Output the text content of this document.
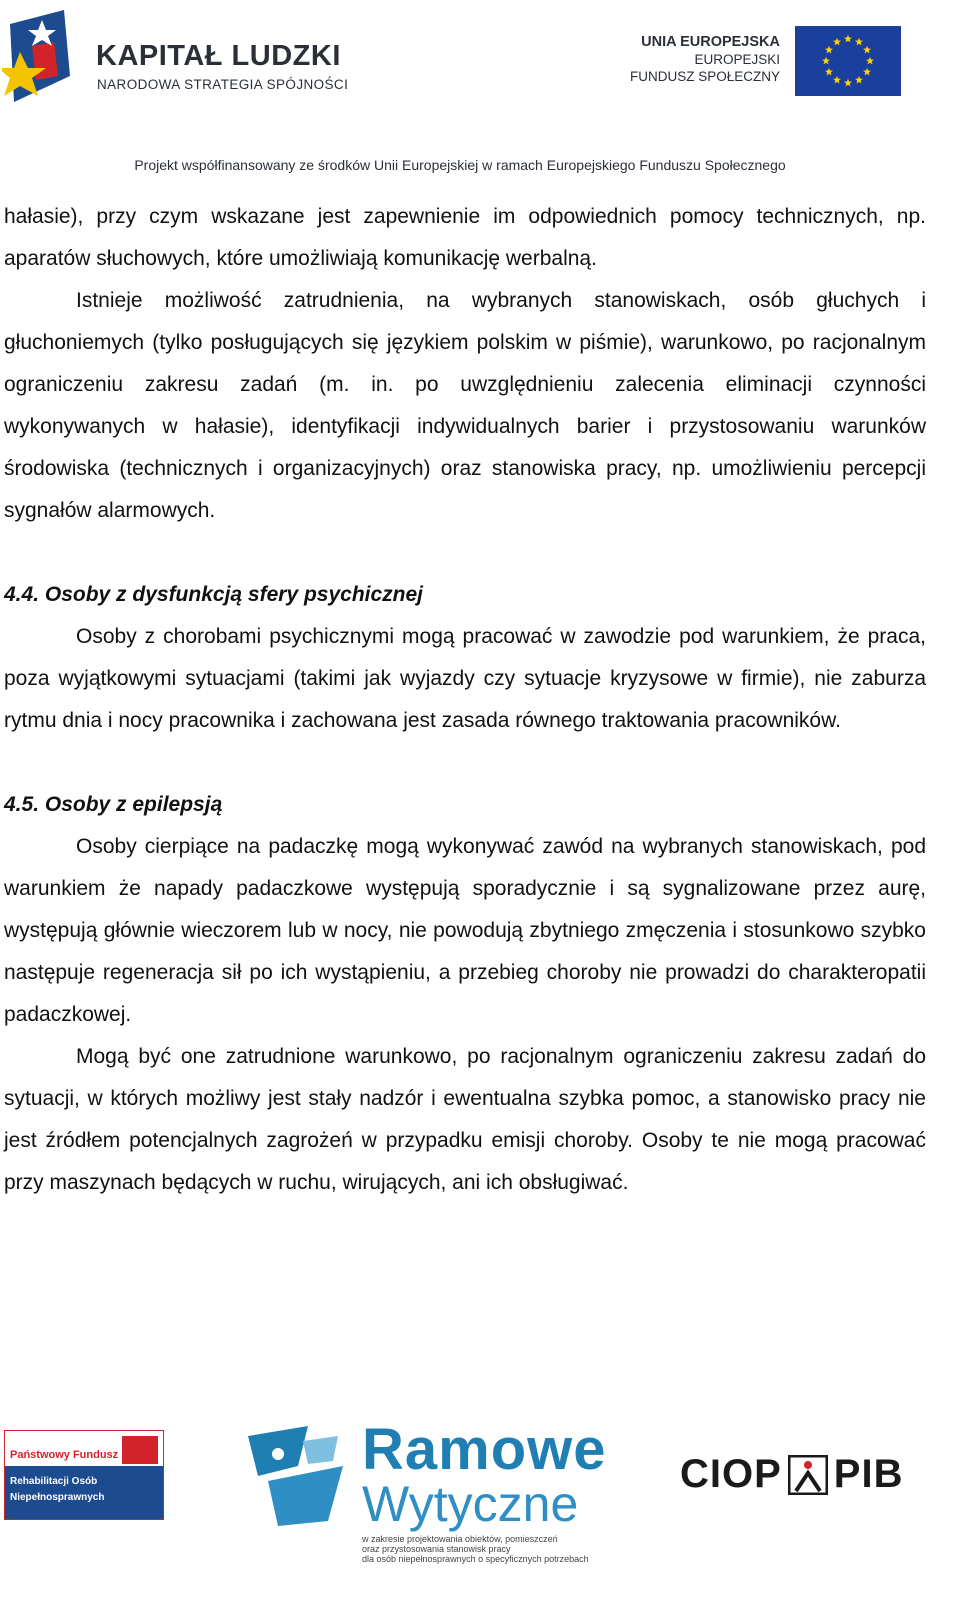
KAPITAŁ LUDZKI
NARODOWA STRATEGIA SPÓJNOŚCI
UNIA EUROPEJSKA
EUROPEJSKI
FUNDUSZ SPOŁECZNY
Projekt współfinansowany ze środków Unii Europejskiej w ramach Europejskiego Funduszu Społecznego

hałasie), przy czym wskazane jest zapewnienie im odpowiednich pomocy technicznych, np. aparatów słuchowych, które umożliwiają komunikację werbalną.

Istnieje możliwość zatrudnienia, na wybranych stanowiskach, osób głuchych i głuchoniemych (tylko posługujących się językiem polskim w piśmie), warunkowo, po racjonalnym ograniczeniu zakresu zadań (m. in. po uwzględnieniu zalecenia eliminacji czynności wykonywanych w hałasie), identyfikacji indywidualnych barier i przystosowaniu warunków środowiska (technicznych i organizacyjnych) oraz stanowiska pracy, np. umożliwieniu percepcji sygnałów alarmowych.

4.4. Osoby z dysfunkcją sfery psychicznej

Osoby z chorobami psychicznymi mogą pracować w zawodzie pod warunkiem, że praca, poza wyjątkowymi sytuacjami (takimi jak wyjazdy czy sytuacje kryzysowe w firmie), nie zaburza rytmu dnia i nocy pracownika i zachowana jest zasada równego traktowania pracowników.

4.5. Osoby z epilepsją

Osoby cierpiące na padaczkę mogą wykonywać zawód na wybranych stanowiskach, pod warunkiem że napady padaczkowe występują sporadycznie i są sygnalizowane przez aurę, występują głównie wieczorem lub w nocy, nie powodują zbytniego zmęczenia i stosunkowo szybko następuje regeneracja sił po ich wystąpieniu, a przebieg choroby nie prowadzi do charakteropatii padaczkowej.

Mogą być one zatrudnione warunkowo, po racjonalnym ograniczeniu zakresu zadań do sytuacji, w których możliwy jest stały nadzór i ewentualna szybka pomoc, a stanowisko pracy nie jest źródłem potencjalnych zagrożeń w przypadku emisji choroby. Osoby te nie mogą pracować przy maszynach będących w ruchu, wirujących, ani ich obsługiwać.

Państwowy Fundusz
Rehabilitacji Osób
Niepełnosprawnych
Ramowe
Wytyczne
w zakresie projektowania obiektów, pomieszczeń
oraz przystosowania stanowisk pracy
dla osób niepełnosprawnych o specyficznych potrzebach
CIOP PIB
